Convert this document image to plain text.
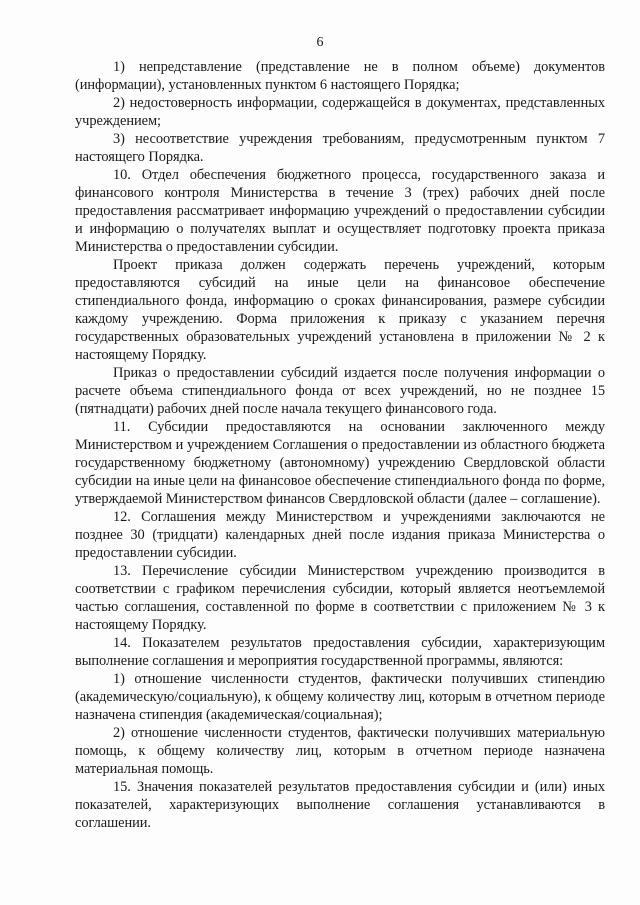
6

1) непредставление (представление не в полном объеме) документов (информации), установленных пунктом 6 настоящего Порядка;

2) недостоверность информации, содержащейся в документах, представленных учреждением;

3) несоответствие учреждения требованиям, предусмотренным пунктом 7 настоящего Порядка.

10. Отдел обеспечения бюджетного процесса, государственного заказа и финансового контроля Министерства в течение 3 (трех) рабочих дней после предоставления рассматривает информацию учреждений о предоставлении субсидии и информацию о получателях выплат и осуществляет подготовку проекта приказа Министерства о предоставлении субсидии.

Проект приказа должен содержать перечень учреждений, которым предоставляются субсидий на иные цели на финансовое обеспечение стипендиального фонда, информацию о сроках финансирования, размере субсидии каждому учреждению. Форма приложения к приказу с указанием перечня государственных образовательных учреждений установлена в приложении № 2 к настоящему Порядку.

Приказ о предоставлении субсидий издается после получения информации о расчете объема стипендиального фонда от всех учреждений, но не позднее 15 (пятнадцати) рабочих дней после начала текущего финансового года.

11. Субсидии предоставляются на основании заключенного между Министерством и учреждением Соглашения о предоставлении из областного бюджета государственному бюджетному (автономному) учреждению Свердловской области субсидии на иные цели на финансовое обеспечение стипендиального фонда по форме, утверждаемой Министерством финансов Свердловской области (далее – соглашение).

12. Соглашения между Министерством и учреждениями заключаются не позднее 30 (тридцати) календарных дней после издания приказа Министерства о предоставлении субсидии.

13. Перечисление субсидии Министерством учреждению производится в соответствии с графиком перечисления субсидии, который является неотъемлемой частью соглашения, составленной по форме в соответствии с приложением № 3 к настоящему Порядку.

14. Показателем результатов предоставления субсидии, характеризующим выполнение соглашения и мероприятия государственной программы, являются:

1) отношение численности студентов, фактически получивших стипендию (академическую/социальную), к общему количеству лиц, которым в отчетном периоде назначена стипендия (академическая/социальная);

2) отношение численности студентов, фактически получивших материальную помощь, к общему количеству лиц, которым в отчетном периоде назначена материальная помощь.

15. Значения показателей результатов предоставления субсидии и (или) иных показателей, характеризующих выполнение соглашения устанавливаются в соглашении.
